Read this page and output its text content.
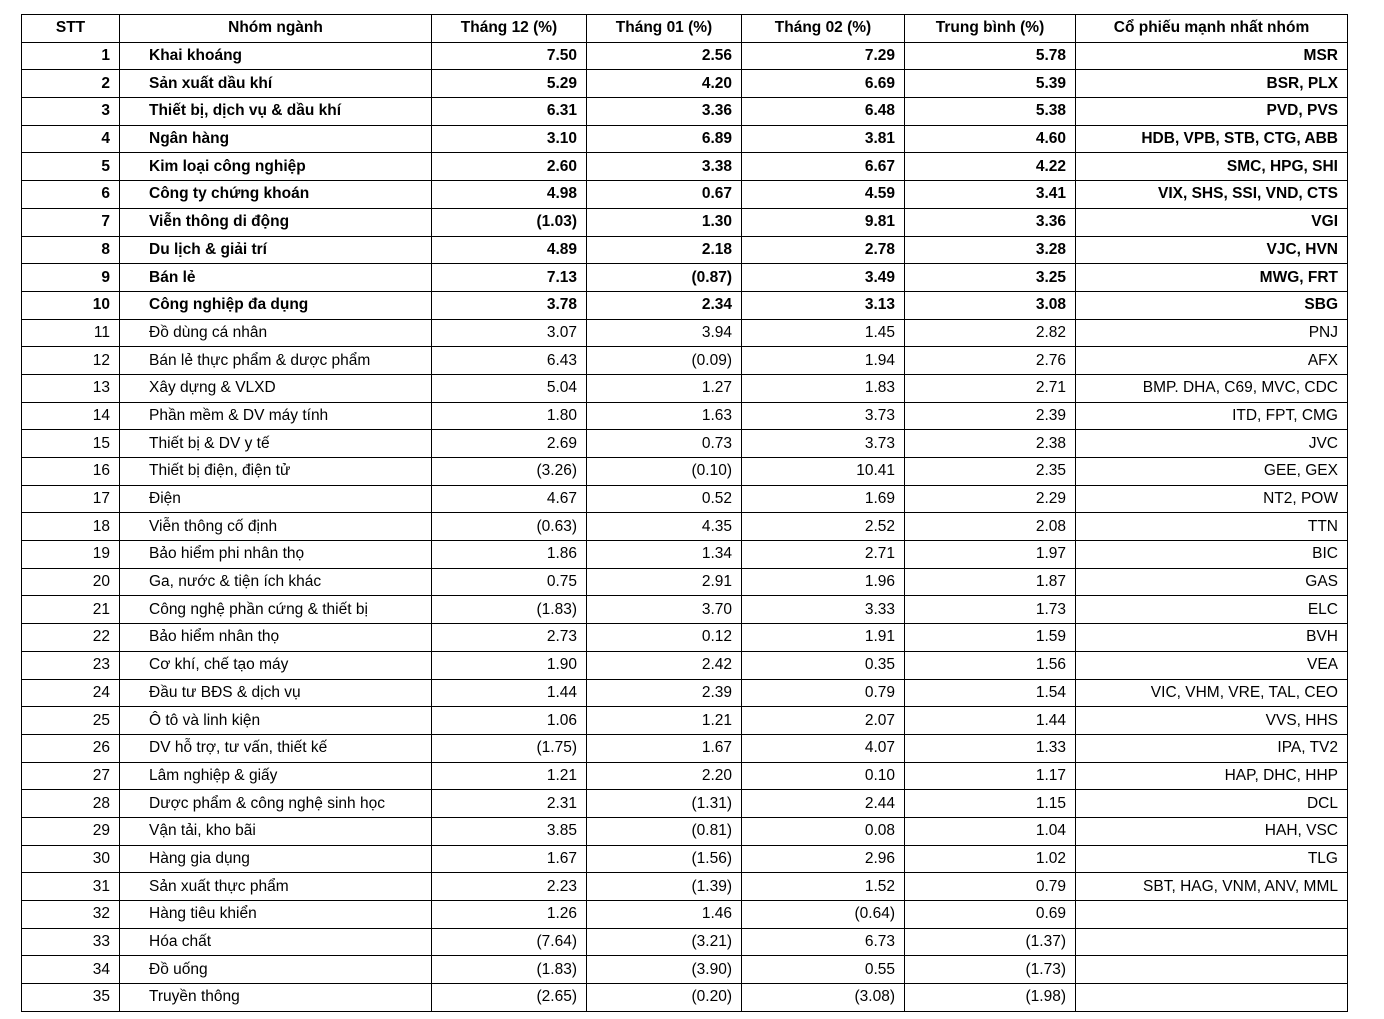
STT	Nhóm ngành	Tháng 12 (%)	Tháng 01 (%)	Tháng 02 (%)	Trung bình (%)	Cổ phiếu mạnh nhất nhóm
1	Khai khoáng	7.50	2.56	7.29	5.78	MSR
2	Sản xuất dầu khí	5.29	4.20	6.69	5.39	BSR, PLX
3	Thiết bị, dịch vụ & dầu khí	6.31	3.36	6.48	5.38	PVD, PVS
4	Ngân hàng	3.10	6.89	3.81	4.60	HDB, VPB, STB, CTG, ABB
5	Kim loại công nghiệp	2.60	3.38	6.67	4.22	SMC, HPG, SHI
6	Công ty chứng khoán	4.98	0.67	4.59	3.41	VIX, SHS, SSI, VND, CTS
7	Viễn thông di động	(1.03)	1.30	9.81	3.36	VGI
8	Du lịch & giải trí	4.89	2.18	2.78	3.28	VJC, HVN
9	Bán lẻ	7.13	(0.87)	3.49	3.25	MWG, FRT
10	Công nghiệp đa dụng	3.78	2.34	3.13	3.08	SBG
11	Đồ dùng cá nhân	3.07	3.94	1.45	2.82	PNJ
12	Bán lẻ thực phẩm & dược phẩm	6.43	(0.09)	1.94	2.76	AFX
13	Xây dựng & VLXD	5.04	1.27	1.83	2.71	BMP. DHA, C69, MVC, CDC
14	Phần mềm & DV máy tính	1.80	1.63	3.73	2.39	ITD, FPT, CMG
15	Thiết bị & DV y tế	2.69	0.73	3.73	2.38	JVC
16	Thiết bị điện, điện tử	(3.26)	(0.10)	10.41	2.35	GEE, GEX
17	Điện	4.67	0.52	1.69	2.29	NT2, POW
18	Viễn thông cố định	(0.63)	4.35	2.52	2.08	TTN
19	Bảo hiểm phi nhân thọ	1.86	1.34	2.71	1.97	BIC
20	Ga, nước & tiện ích khác	0.75	2.91	1.96	1.87	GAS
21	Công nghệ phần cứng & thiết bị	(1.83)	3.70	3.33	1.73	ELC
22	Bảo hiểm nhân thọ	2.73	0.12	1.91	1.59	BVH
23	Cơ khí, chế tạo máy	1.90	2.42	0.35	1.56	VEA
24	Đầu tư BĐS & dịch vụ	1.44	2.39	0.79	1.54	VIC, VHM, VRE, TAL, CEO
25	Ô tô và linh kiện	1.06	1.21	2.07	1.44	VVS, HHS
26	DV hỗ trợ, tư vấn, thiết kế	(1.75)	1.67	4.07	1.33	IPA, TV2
27	Lâm nghiệp & giấy	1.21	2.20	0.10	1.17	HAP, DHC, HHP
28	Dược phẩm & công nghệ sinh học	2.31	(1.31)	2.44	1.15	DCL
29	Vận tải, kho bãi	3.85	(0.81)	0.08	1.04	HAH, VSC
30	Hàng gia dụng	1.67	(1.56)	2.96	1.02	TLG
31	Sản xuất thực phẩm	2.23	(1.39)	1.52	0.79	SBT, HAG, VNM, ANV, MML
32	Hàng tiêu khiển	1.26	1.46	(0.64)	0.69	
33	Hóa chất	(7.64)	(3.21)	6.73	(1.37)	
34	Đồ uống	(1.83)	(3.90)	0.55	(1.73)	
35	Truyền thông	(2.65)	(0.20)	(3.08)	(1.98)	
